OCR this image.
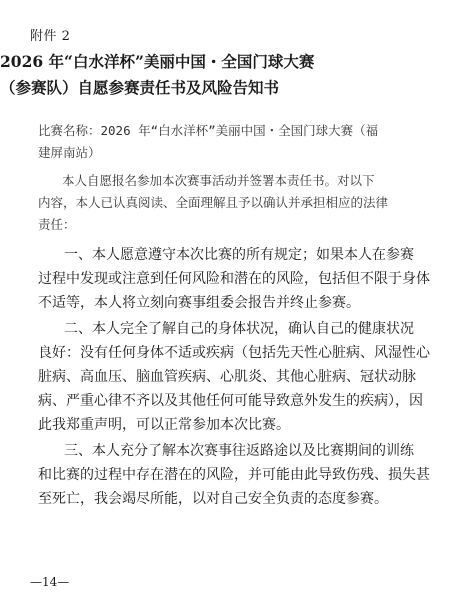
附件 2
2026 年“白水洋杯”美丽中国・全国门球大赛
（参赛队）自愿参赛责任书及风险告知书
比赛名称：2026 年“白水洋杯”美丽中国・全国门球大赛（福
建屏南站）
本人自愿报名参加本次赛事活动并签署本责任书。对以下
内容，本人已认真阅读、全面理解且予以确认并承担相应的法律
责任：
一、本人愿意遵守本次比赛的所有规定；如果本人在参赛
过程中发现或注意到任何风险和潜在的风险，包括但不限于身体
不适等，本人将立刻向赛事组委会报告并终止参赛。
二、本人完全了解自己的身体状况，确认自己的健康状况
良好：没有任何身体不适或疾病（包括先天性心脏病、风湿性心
脏病、高血压、脑血管疾病、心肌炎、其他心脏病、冠状动脉
病、严重心律不齐以及其他任何可能导致意外发生的疾病），因
此我郑重声明，可以正常参加本次比赛。
三、本人充分了解本次赛事往返路途以及比赛期间的训练
和比赛的过程中存在潜在的风险，并可能由此导致伤残、损失甚
至死亡，我会竭尽所能，以对自己安全负责的态度参赛。
—14—
